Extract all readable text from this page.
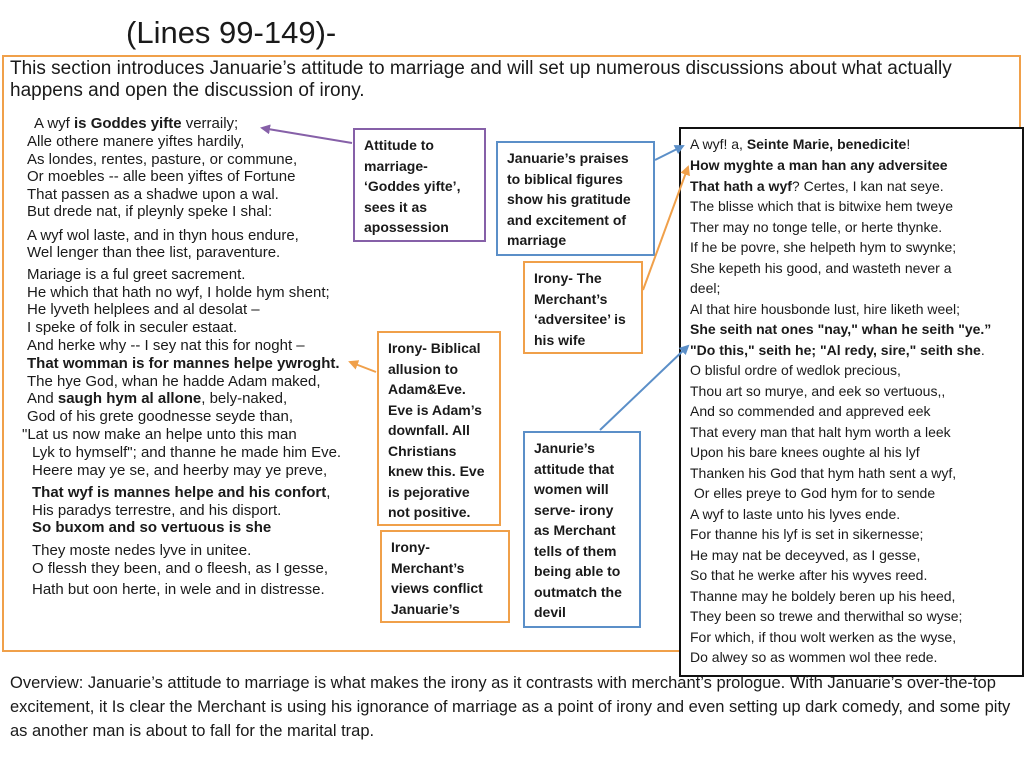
(Lines 99-149)-
This section introduces Januarie’s attitude to marriage and will set up numerous discussions about what actually happens and open the discussion of irony.
A wyf is Goddes yifte verraily;
Alle othere manere yiftes hardily,
As londes, rentes, pasture, or commune,
Or moebles -- alle been yiftes of Fortune
That passen as a shadwe upon a wal.
But drede nat, if pleynly speke I shal:
A wyf wol laste, and in thyn hous endure,
Wel lenger than thee list, paraventure.
Mariage is a ful greet sacrement.
He which that hath no wyf, I holde hym shent;
He lyveth helplees and al desolat –
I speke of folk in seculer estaat.
And herke why -- I sey nat this for noght –
That womman is for mannes helpe ywroght.
The hye God, whan he hadde Adam maked,
And saugh hym al allone, bely-naked,
God of his grete goodnesse seyde than,
"Lat us now make an helpe unto this man
Lyk to hymself"; and thanne he made him Eve.
Heere may ye se, and heerby may ye preve,
That wyf is mannes helpe and his confort,
His paradys terrestre, and his disport.
So buxom and so vertuous is she
They moste nedes lyve in unitee.
O flessh they been, and o fleesh, as I gesse,
Hath but oon herte, in wele and in distresse.
Attitude to marriage- ‘Goddes yifte’, sees it as apossession
Januarie’s praises to biblical figures show his gratitude and excitement of marriage
Irony- The Merchant’s ‘adversitee’ is his wife
Irony- Biblical allusion to Adam&Eve. Eve is Adam’s downfall. All Christians knew this. Eve is pejorative not positive.
Irony- Merchant’s views conflict Januarie’s
Janurie’s attitude that women will serve- irony as Merchant tells of them being able to outmatch the devil
A wyf! a, Seinte Marie, benedicite!
How myghte a man han any adversitee
That hath a wyf? Certes, I kan nat seye.
The blisse which that is bitwixe hem tweye
Ther may no tonge telle, or herte thynke.
If he be povre, she helpeth hym to swynke;
She kepeth his good, and wasteth never a
deel;
Al that hire housbonde lust, hire liketh weel;
She seith nat ones "nay," whan he seith "ye.”
"Do this," seith he; "Al redy, sire," seith she.
O blisful ordre of wedlok precious,
Thou art so murye, and eek so vertuous,,
And so commended and appreved eek
That every man that halt hym worth a leek
Upon his bare knees oughte al his lyf
Thanken his God that hym hath sent a wyf,
Or elles preye to God hym for to sende
A wyf to laste unto his lyves ende.
For thanne his lyf is set in sikernesse;
He may nat be deceyved, as I gesse,
So that he werke after his wyves reed.
Thanne may he boldely beren up his heed,
They been so trewe and therwithal so wyse;
For which, if thou wolt werken as the wyse,
Do alwey so as wommen wol thee rede.
Overview: Januarie’s attitude to marriage is what makes the irony as it contrasts with merchant’s prologue. With Januarie’s over-the-top excitement, it Is clear the Merchant is using his ignorance of marriage as a point of irony and even setting up dark comedy, and some pity as another man is about to fall for the marital trap.
